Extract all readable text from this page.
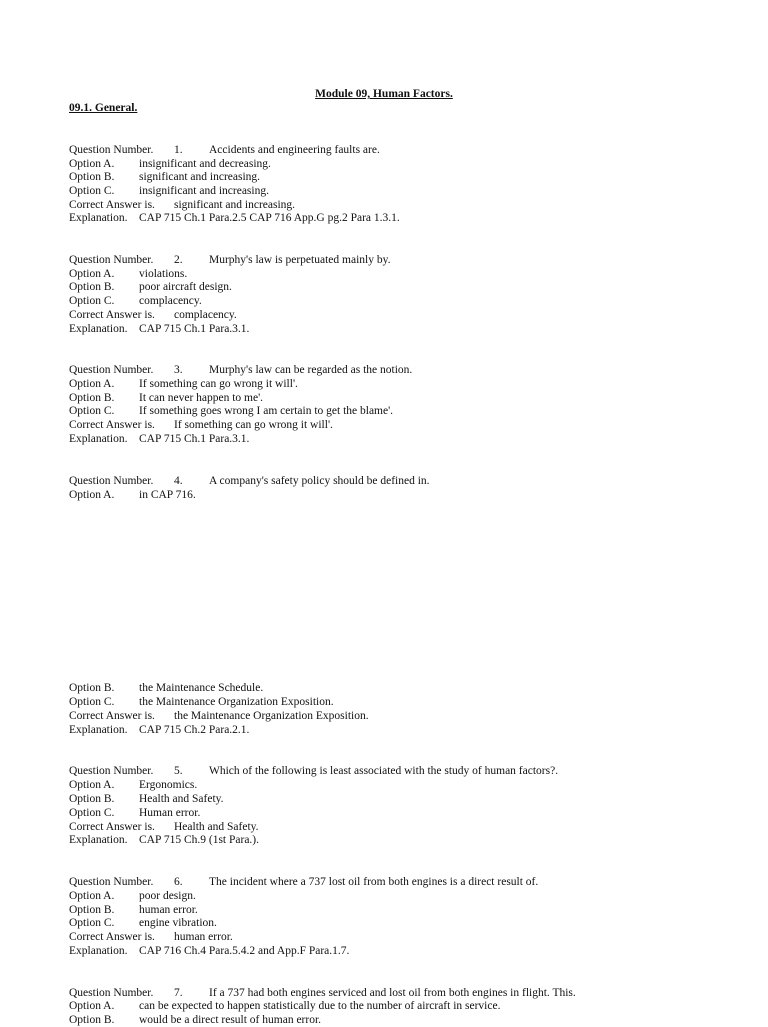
Module 09, Human Factors.
09.1. General.
Question Number. 1. Accidents and engineering faults are.
Option A. insignificant and decreasing.
Option B. significant and increasing.
Option C. insignificant and increasing.
Correct Answer is. significant and increasing.
Explanation. CAP 715 Ch.1 Para.2.5 CAP 716 App.G pg.2 Para 1.3.1.
Question Number. 2. Murphy's law is perpetuated mainly by.
Option A. violations.
Option B. poor aircraft design.
Option C. complacency.
Correct Answer is. complacency.
Explanation. CAP 715 Ch.1 Para.3.1.
Question Number. 3. Murphy's law can be regarded as the notion.
Option A. If something can go wrong it will'.
Option B. It can never happen to me'.
Option C. If something goes wrong I am certain to get the blame'.
Correct Answer is. If something can go wrong it will'.
Explanation. CAP 715 Ch.1 Para.3.1.
Question Number. 4. A company's safety policy should be defined in.
Option A. in CAP 716.
Option B. the Maintenance Schedule.
Option C. the Maintenance Organization Exposition.
Correct Answer is. the Maintenance Organization Exposition.
Explanation. CAP 715 Ch.2 Para.2.1.
Question Number. 5. Which of the following is least associated with the study of human factors?.
Option A. Ergonomics.
Option B. Health and Safety.
Option C. Human error.
Correct Answer is. Health and Safety.
Explanation. CAP 715 Ch.9 (1st Para.).
Question Number. 6. The incident where a 737 lost oil from both engines is a direct result of.
Option A. poor design.
Option B. human error.
Option C. engine vibration.
Correct Answer is. human error.
Explanation. CAP 716 Ch.4 Para.5.4.2 and App.F Para.1.7.
Question Number. 7. If a 737 had both engines serviced and lost oil from both engines in flight. This.
Option A. can be expected to happen statistically due to the number of aircraft in service.
Option B. would be a direct result of human error.
